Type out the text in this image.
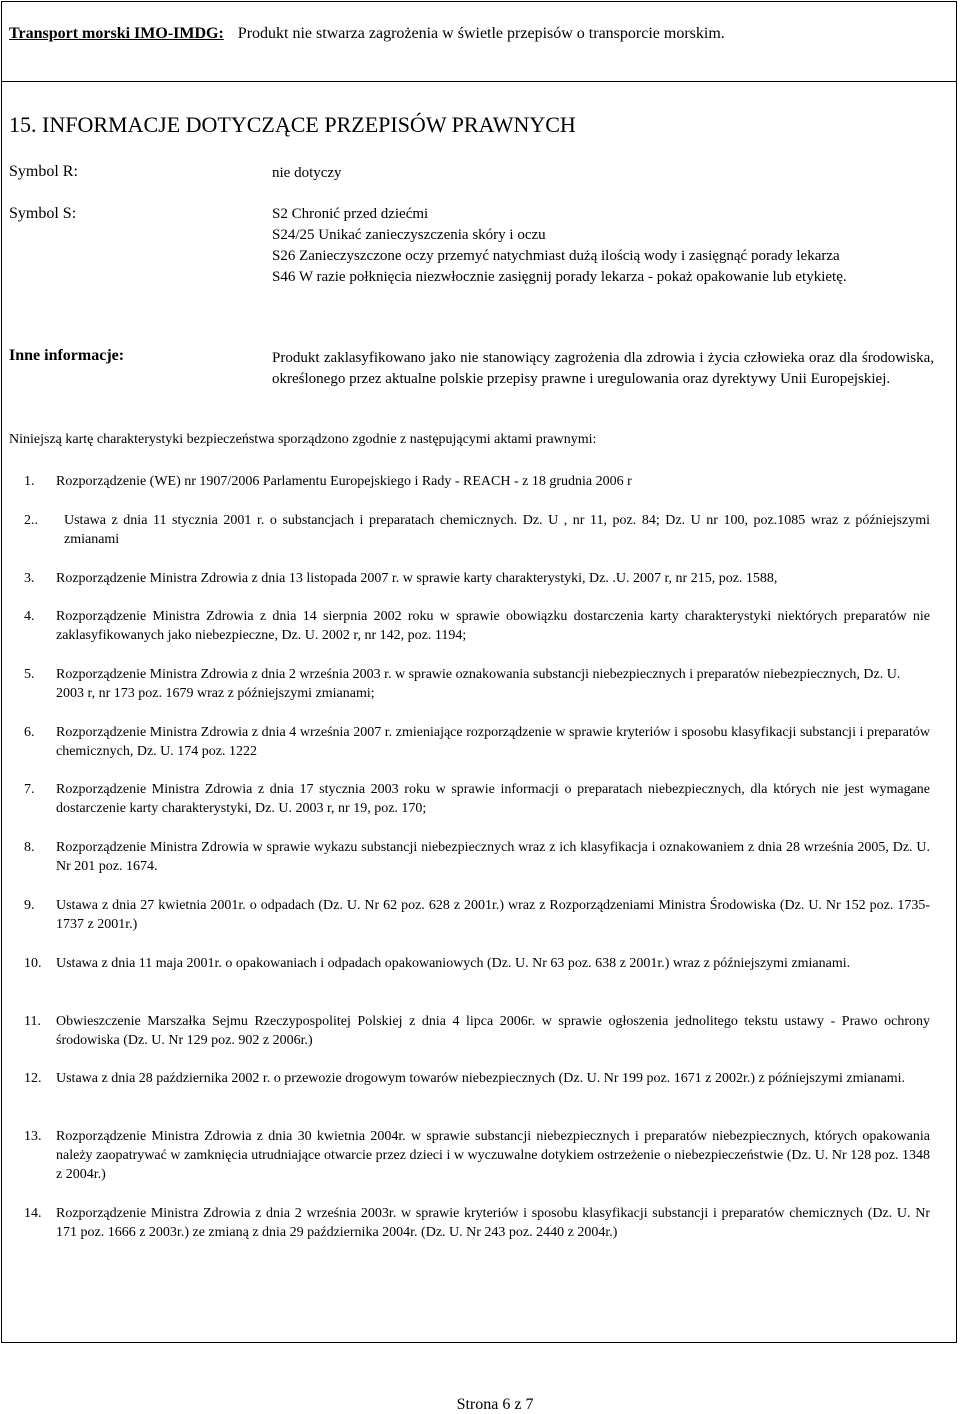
Transport morski IMO-IMDG: Produkt nie stwarza zagrożenia w świetle przepisów o transporcie morskim.
15. INFORMACJE DOTYCZĄCE PRZEPISÓW PRAWNYCH
Symbol R:	nie dotyczy
Symbol S:	S2 Chronić przed dziećmi
S24/25 Unikać zanieczyszczenia skóry i oczu
S26 Zanieczyszczone oczy przemyć natychmiast dużą ilością wody i zasięgnąć porady lekarza
S46 W razie połknięcia niezwłocznie zasięgnij porady lekarza - pokaż opakowanie lub etykietę.
Inne informacje:	Produkt zaklasyfikowano jako nie stanowiący zagrożenia dla zdrowia i życia człowieka oraz dla środowiska, określonego przez aktualne polskie przepisy prawne i uregulowania oraz dyrektywy Unii Europejskiej.
Niniejszą kartę charakterystyki bezpieczeństwa sporządzono zgodnie z następującymi aktami prawnymi:
1. Rozporządzenie (WE) nr 1907/2006 Parlamentu Europejskiego i Rady - REACH - z 18 grudnia 2006 r
2.. Ustawa z dnia 11 stycznia 2001 r. o substancjach i preparatach chemicznych. Dz. U , nr 11, poz. 84; Dz. U nr 100, poz.1085 wraz z późniejszymi zmianami
3. Rozporządzenie Ministra Zdrowia z dnia 13 listopada 2007 r. w sprawie karty charakterystyki, Dz. .U. 2007 r, nr 215, poz. 1588,
4. Rozporządzenie Ministra Zdrowia z dnia 14 sierpnia 2002 roku w sprawie obowiązku dostarczenia karty charakterystyki niektórych preparatów nie zaklasyfikowanych jako niebezpieczne, Dz. U. 2002 r, nr 142, poz. 1194;
5. Rozporządzenie Ministra Zdrowia z dnia 2 września 2003 r. w sprawie oznakowania substancji niebezpiecznych i preparatów niebezpiecznych, Dz. U. 2003 r, nr 173 poz. 1679 wraz z późniejszymi zmianami;
6. Rozporządzenie Ministra Zdrowia z dnia 4 września 2007 r. zmieniające rozporządzenie w sprawie kryteriów i sposobu klasyfikacji substancji i preparatów chemicznych, Dz. U. 174 poz. 1222
7. Rozporządzenie Ministra Zdrowia z dnia 17 stycznia 2003 roku w sprawie informacji o preparatach niebezpiecznych, dla których nie jest wymagane dostarczenie karty charakterystyki, Dz. U. 2003 r, nr 19, poz. 170;
8. Rozporządzenie Ministra Zdrowia w sprawie wykazu substancji niebezpiecznych wraz z ich klasyfikacja i oznakowaniem z dnia 28 września 2005, Dz. U. Nr 201 poz. 1674.
9. Ustawa z dnia 27 kwietnia 2001r. o odpadach (Dz. U. Nr 62 poz. 628 z 2001r.) wraz z Rozporządzeniami Ministra Środowiska (Dz. U. Nr 152 poz. 1735-1737 z 2001r.)
10. Ustawa z dnia 11 maja 2001r. o opakowaniach i odpadach opakowaniowych (Dz. U. Nr 63 poz. 638 z 2001r.) wraz z późniejszymi zmianami.
11. Obwieszczenie Marszałka Sejmu Rzeczypospolitej Polskiej z dnia 4 lipca 2006r. w sprawie ogłoszenia jednolitego tekstu ustawy - Prawo ochrony środowiska (Dz. U. Nr 129 poz. 902 z 2006r.)
12. Ustawa z dnia 28 października 2002 r. o przewozie drogowym towarów niebezpiecznych (Dz. U. Nr 199 poz. 1671 z 2002r.) z późniejszymi zmianami.
13. Rozporządzenie Ministra Zdrowia z dnia 30 kwietnia 2004r. w sprawie substancji niebezpiecznych i preparatów niebezpiecznych, których opakowania należy zaopatrywać w zamknięcia utrudniające otwarcie przez dzieci i w wyczuwalne dotykiem ostrzeżenie o niebezpieczeństwie (Dz. U. Nr 128 poz. 1348 z 2004r.)
14. Rozporządzenie Ministra Zdrowia z dnia 2 września 2003r. w sprawie kryteriów i sposobu klasyfikacji substancji i preparatów chemicznych (Dz. U. Nr 171 poz. 1666 z 2003r.) ze zmianą z dnia 29 października 2004r. (Dz. U. Nr 243 poz. 2440 z 2004r.)
Strona 6 z 7
